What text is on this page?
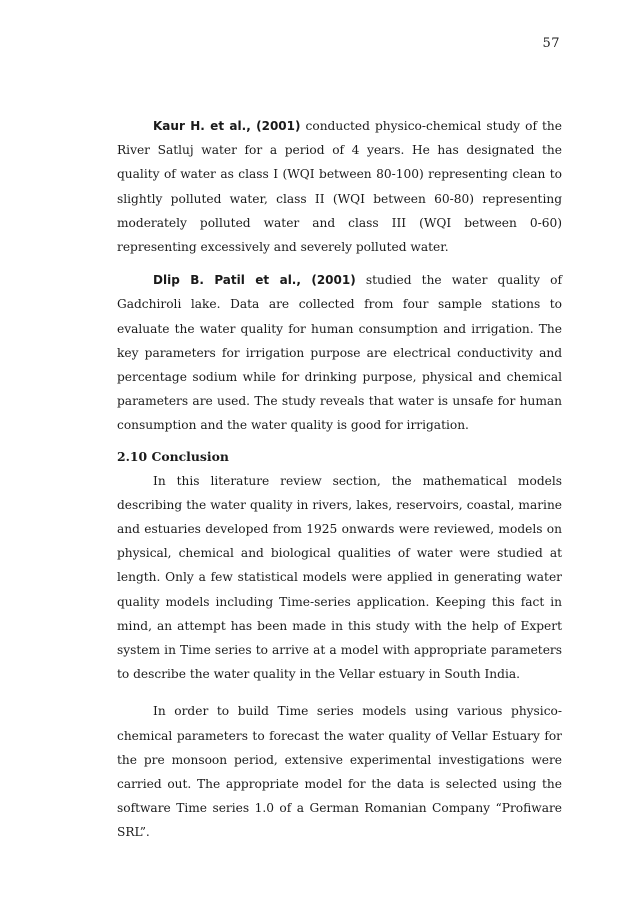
57

Kaur H. et al., (2001) conducted physico-chemical study of the River Satluj water for a period of 4 years. He has designated the quality of water as class I (WQI between 80-100) representing clean to slightly polluted water, class II (WQI between 60-80) representing moderately polluted water and class III (WQI between 0-60) representing excessively and severely polluted water.

Dlip B. Patil et al., (2001) studied the water quality of Gadchiroli lake. Data are collected from four sample stations to evaluate the water quality for human consumption and irrigation. The key parameters for irrigation purpose are electrical conductivity and percentage sodium while for drinking purpose, physical and chemical parameters are used. The study reveals that water is unsafe for human consumption and the water quality is good for irrigation.

2.10 Conclusion

In this literature review section, the mathematical models describing the water quality in rivers, lakes, reservoirs, coastal, marine and estuaries developed from 1925 onwards were reviewed, models on physical, chemical and biological qualities of water were studied at length. Only a few statistical models were applied in generating water quality models including Time-series application. Keeping this fact in mind, an attempt has been made in this study with the help of Expert system in Time series to arrive at a model with appropriate parameters to describe the water quality in the Vellar estuary in South India.

In order to build Time series models using various physico-chemical parameters to forecast the water quality of Vellar Estuary for the pre monsoon period, extensive experimental investigations were carried out. The appropriate model for the data is selected using the software Time series 1.0 of a German Romanian Company “Profiware SRL”.
